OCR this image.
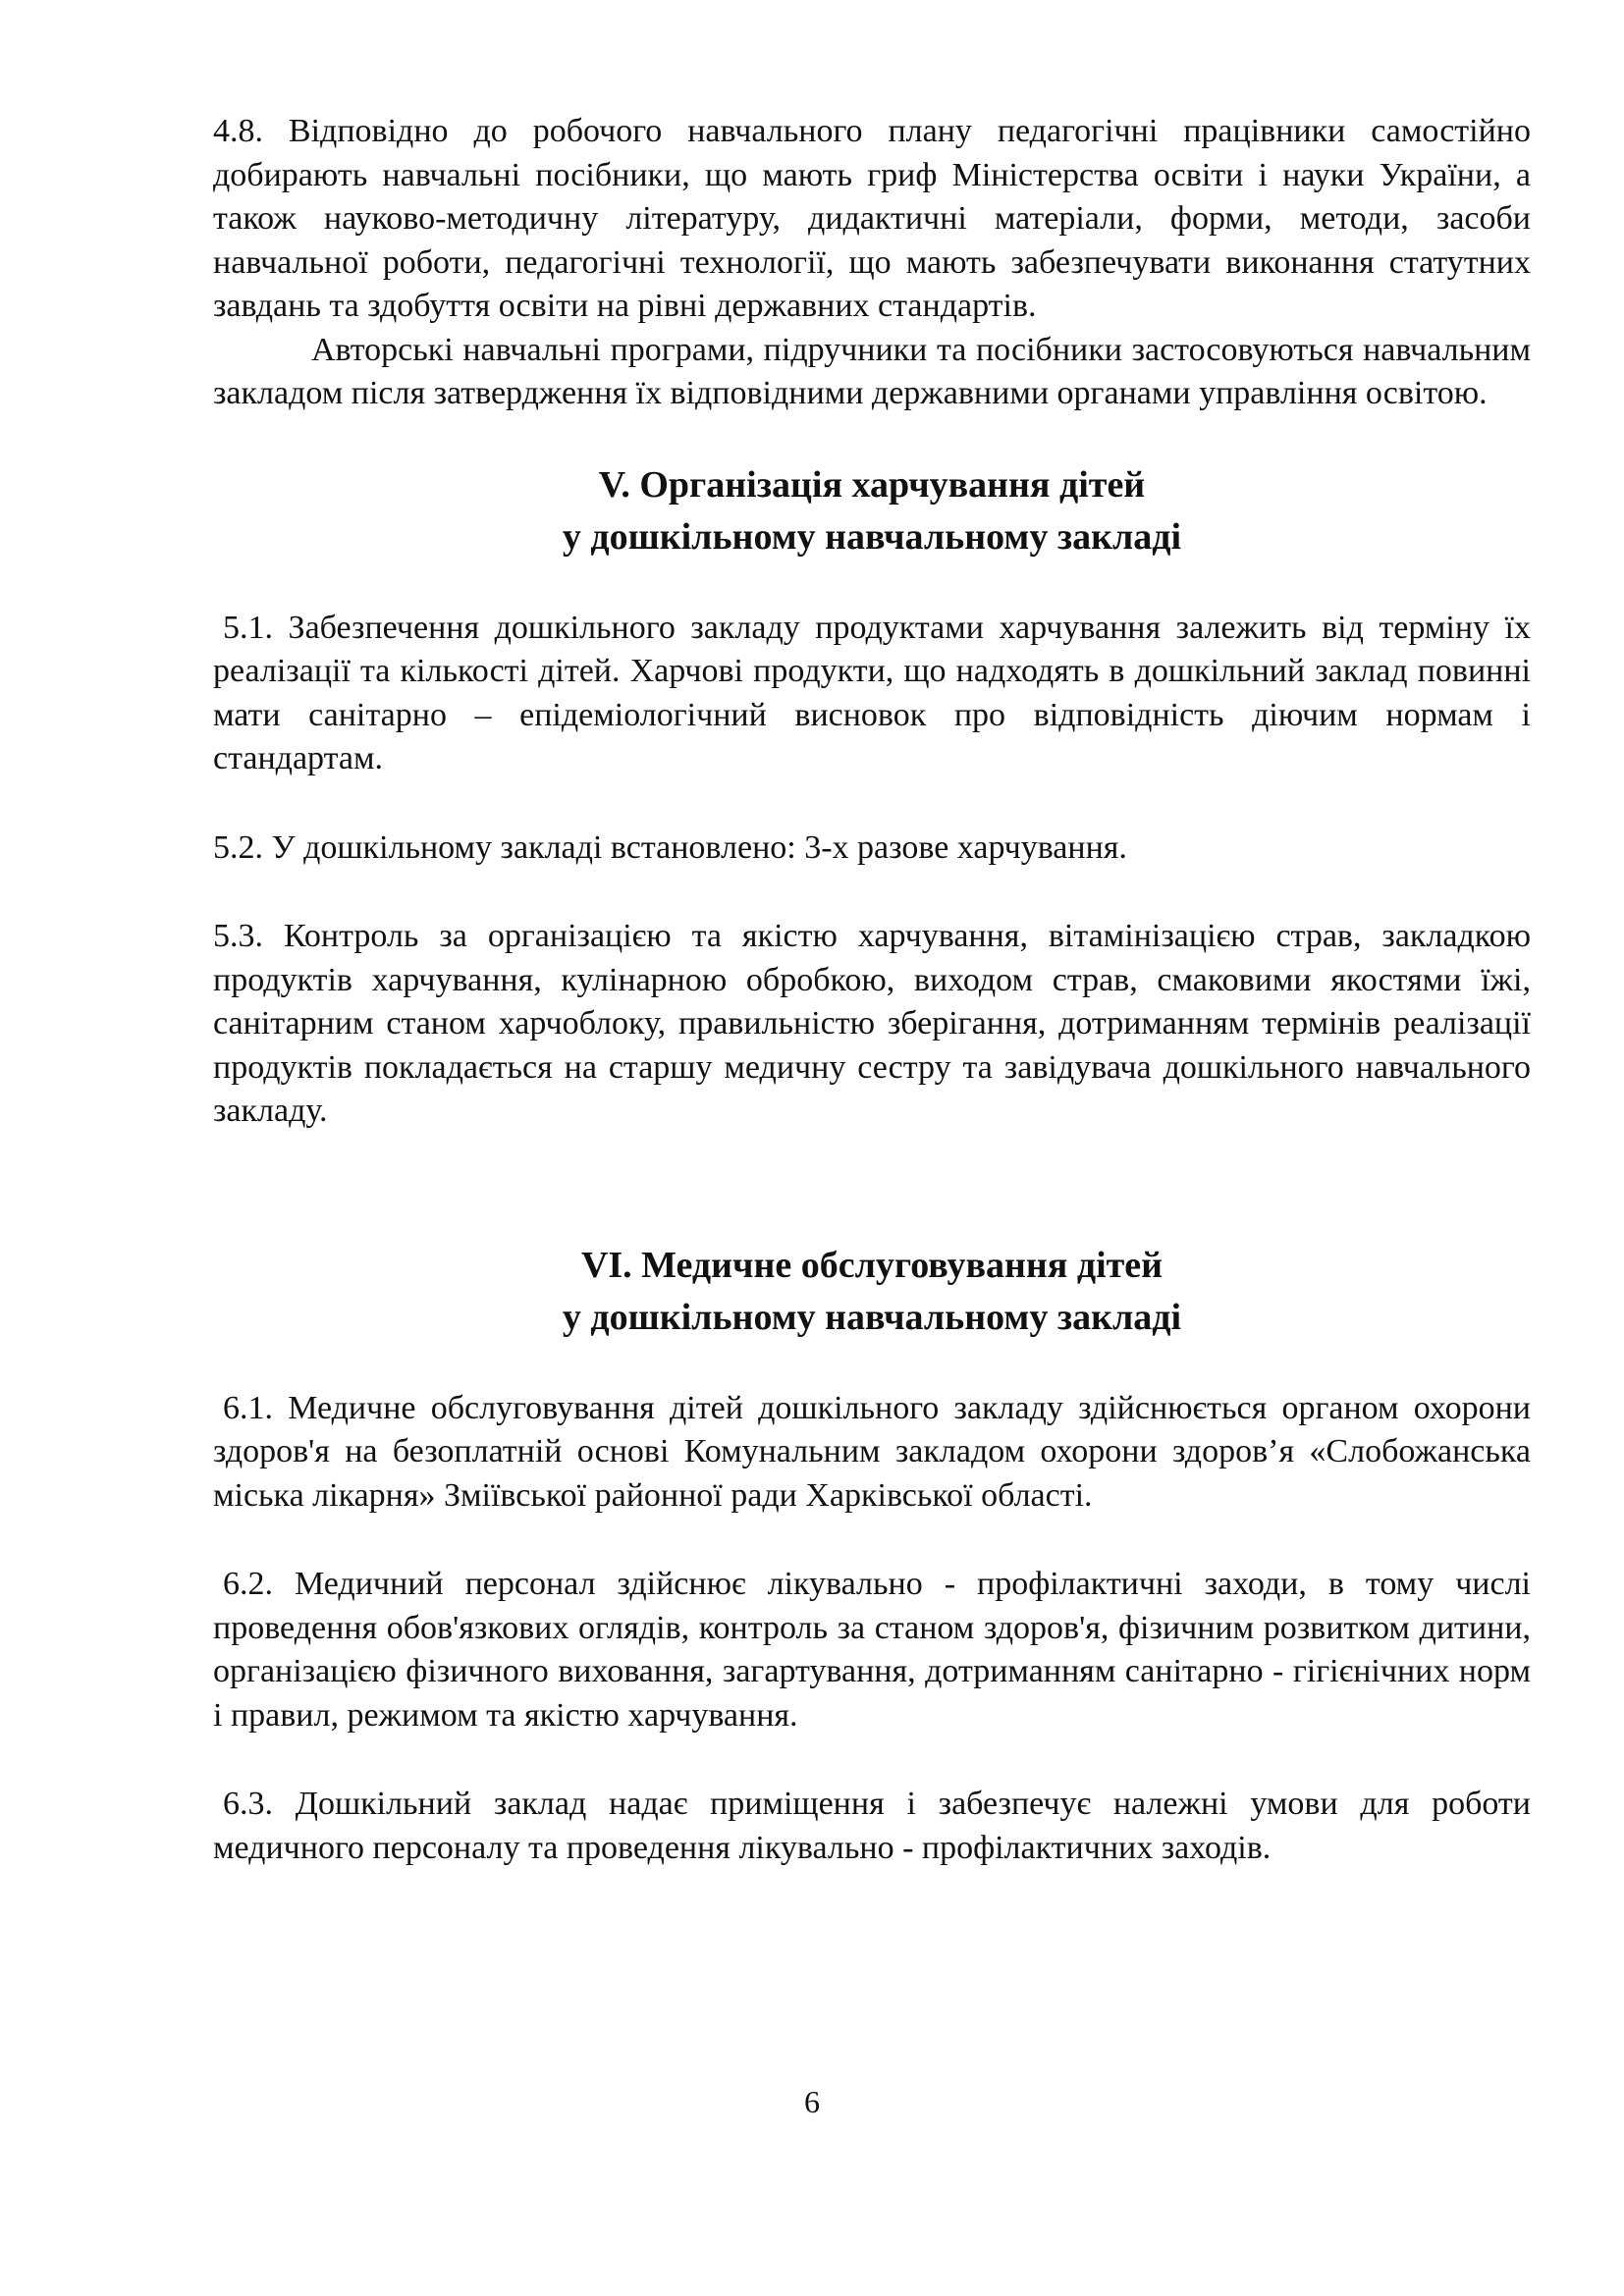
4.8. Відповідно до робочого навчального плану педагогічні працівники самостійно добирають навчальні посібники, що мають гриф Міністерства освіти і науки України, а також науково-методичну літературу, дидактичні матеріали, форми, методи, засоби навчальної роботи, педагогічні технології, що мають забезпечувати виконання статутних завдань та здобуття освіти на рівні державних стандартів.

Авторські навчальні програми, підручники та посібники застосовуються навчальним закладом після затвердження їх відповідними державними органами управління освітою.

V. Організація харчування дітей
у дошкільному навчальному закладі

5.1. Забезпечення дошкільного закладу продуктами харчування залежить від терміну їх реалізації та кількості дітей. Харчові продукти, що надходять в дошкільний заклад повинні мати санітарно – епідеміологічний висновок про відповідність діючим нормам і стандартам.

5.2. У дошкільному закладі встановлено: 3-х разове харчування.

5.3. Контроль за організацією та якістю харчування, вітамінізацією страв, закладкою продуктів харчування, кулінарною обробкою, виходом страв, смаковими якостями їжі, санітарним станом харчоблоку, правильністю зберігання, дотриманням термінів реалізації продуктів покладається на старшу медичну сестру та завідувача дошкільного навчального закладу.

VI. Медичне обслуговування дітей
у дошкільному навчальному закладі

6.1. Медичне обслуговування дітей дошкільного закладу здійснюється органом охорони здоров'я на безоплатній основі Комунальним закладом охорони здоров’я «Слобожанська міська лікарня» Зміївської районної ради Харківської області.

6.2. Медичний персонал здійснює лікувально - профілактичні заходи, в тому числі проведення обов'язкових оглядів, контроль за станом здоров'я, фізичним розвитком дитини, організацією фізичного виховання, загартування, дотриманням санітарно - гігієнічних норм і правил, режимом та якістю харчування.

6.3. Дошкільний заклад надає приміщення і забезпечує належні умови для роботи медичного персоналу та проведення лікувально - профілактичних заходів.

6
